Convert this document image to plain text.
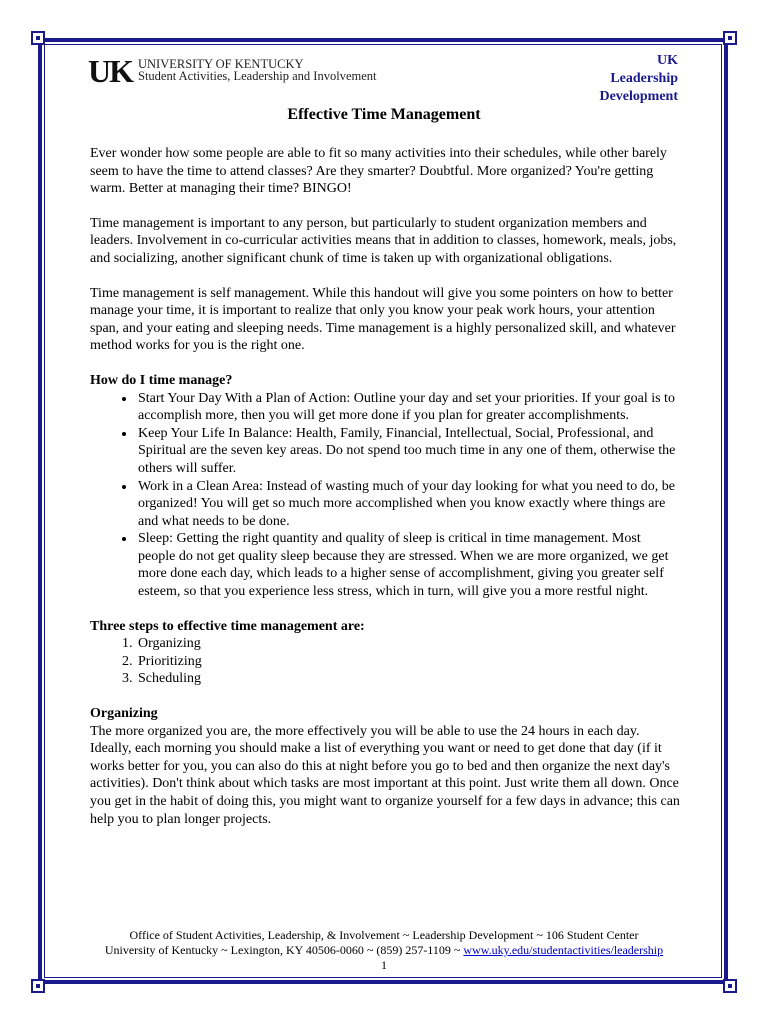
UK UNIVERSITY OF KENTUCKY
Student Activities, Leadership and Involvement
UK
Leadership
Development
Effective Time Management

Ever wonder how some people are able to fit so many activities into their schedules, while other barely seem to have the time to attend classes? Are they smarter? Doubtful. More organized? You're getting warm. Better at managing their time? BINGO!

Time management is important to any person, but particularly to student organization members and leaders. Involvement in co-curricular activities means that in addition to classes, homework, meals, jobs, and socializing, another significant chunk of time is taken up with organizational obligations.

Time management is self management. While this handout will give you some pointers on how to better manage your time, it is important to realize that only you know your peak work hours, your attention span, and your eating and sleeping needs. Time management is a highly personalized skill, and whatever method works for you is the right one.

How do I time manage?
• Start Your Day With a Plan of Action: Outline your day and set your priorities. If your goal is to accomplish more, then you will get more done if you plan for greater accomplishments.
• Keep Your Life In Balance: Health, Family, Financial, Intellectual, Social, Professional, and Spiritual are the seven key areas. Do not spend too much time in any one of them, otherwise the others will suffer.
• Work in a Clean Area: Instead of wasting much of your day looking for what you need to do, be organized! You will get so much more accomplished when you know exactly where things are and what needs to be done.
• Sleep: Getting the right quantity and quality of sleep is critical in time management. Most people do not get quality sleep because they are stressed. When we are more organized, we get more done each day, which leads to a higher sense of accomplishment, giving you greater self esteem, so that you experience less stress, which in turn, will give you a more restful night.
Three steps to effective time management are:
1. Organizing
2. Prioritizing
3. Scheduling
Organizing

The more organized you are, the more effectively you will be able to use the 24 hours in each day. Ideally, each morning you should make a list of everything you want or need to get done that day (if it works better for you, you can also do this at night before you go to bed and then organize the next day's activities). Don't think about which tasks are most important at this point. Just write them all down. Once you get in the habit of doing this, you might want to organize yourself for a few days in advance; this can help you to plan longer projects.

Office of Student Activities, Leadership, & Involvement ~ Leadership Development ~ 106 Student Center
University of Kentucky ~ Lexington, KY 40506-0060 ~ (859) 257-1109 ~ www.uky.edu/studentactivities/leadership
1
